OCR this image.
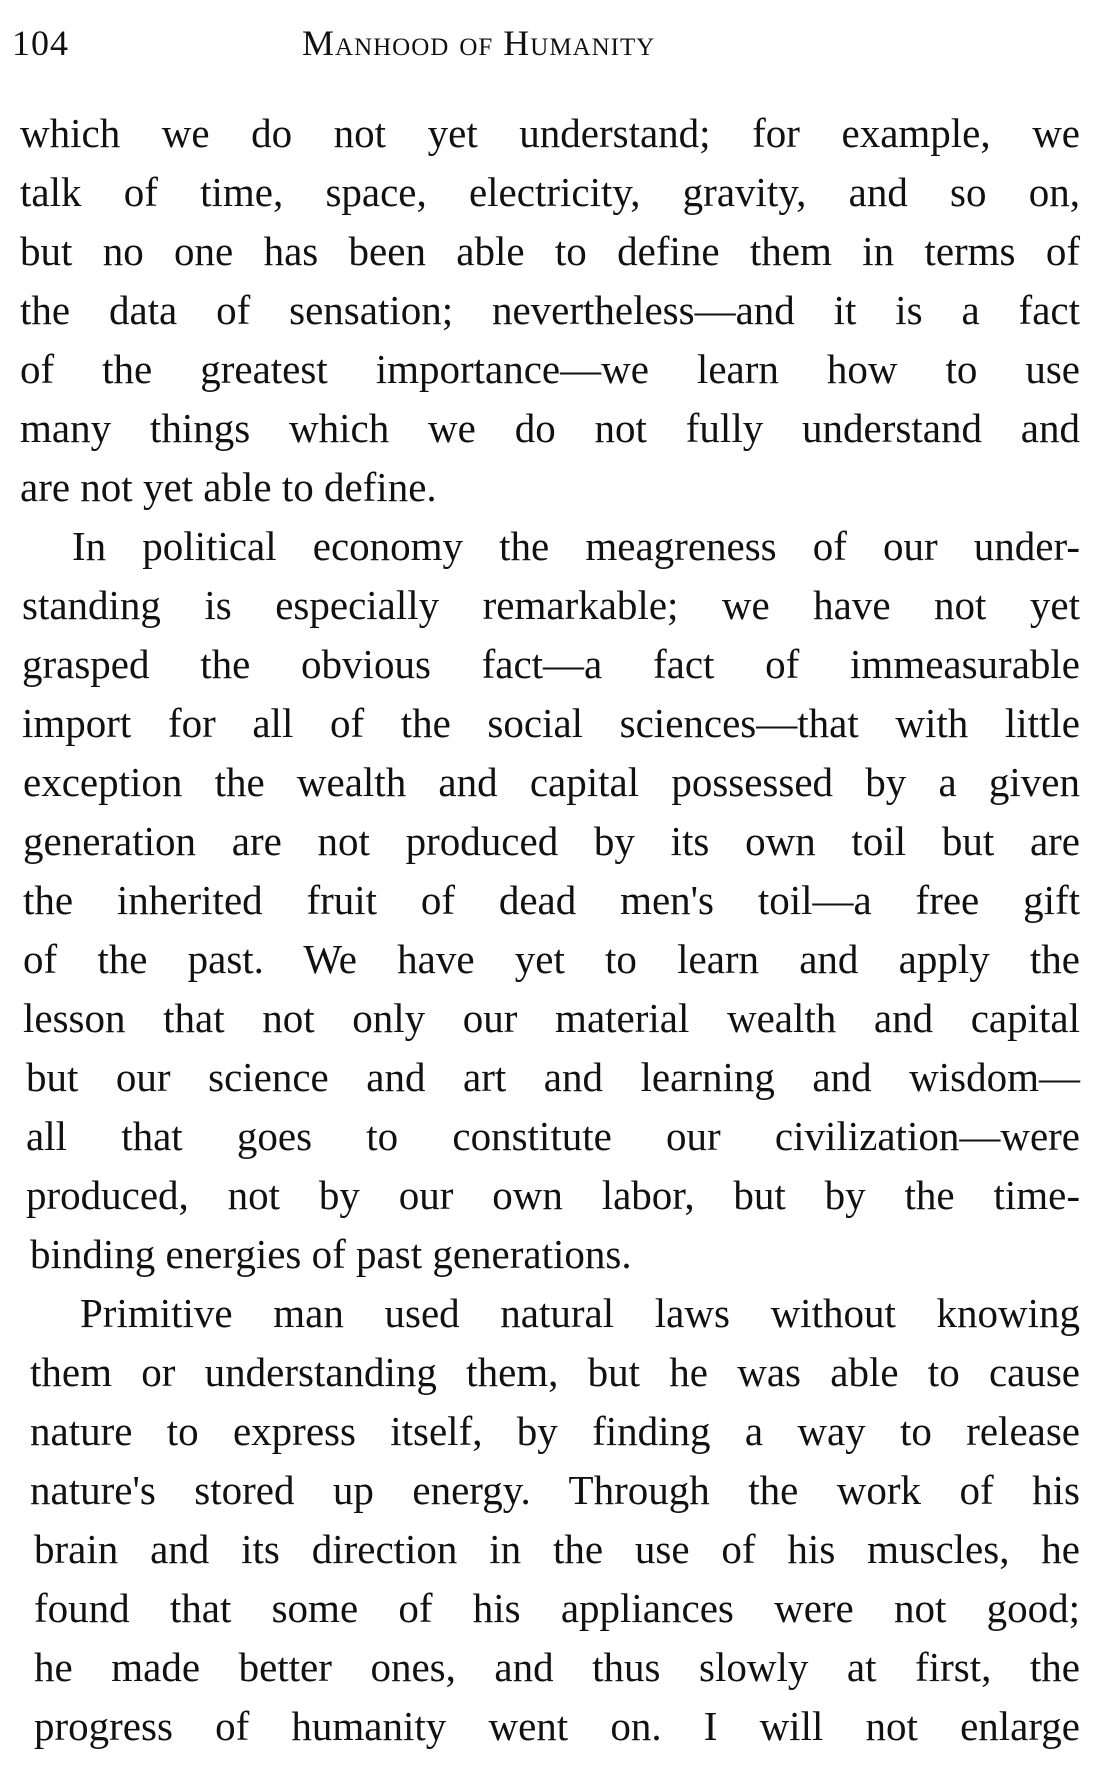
104	Manhood of Humanity
which we do not yet understand; for example, we
talk of time, space, electricity, gravity, and so on,
but no one has been able to define them in terms of
the data of sensation; nevertheless—and it is a fact
of the greatest importance—we learn how to use
many things which we do not fully understand and
are not yet able to define.
In political economy the meagreness of our under-
standing is especially remarkable; we have not yet
grasped the obvious fact—a fact of immeasurable
import for all of the social sciences—that with little
exception the wealth and capital possessed by a given
generation are not produced by its own toil but are
the inherited fruit of dead men's toil—a free gift
of the past. We have yet to learn and apply the
lesson that not only our material wealth and capital
but our science and art and learning and wisdom—
all that goes to constitute our civilization—were
produced, not by our own labor, but by the time-
binding energies of past generations.
Primitive man used natural laws without knowing
them or understanding them, but he was able to cause
nature to express itself, by finding a way to release
nature's stored up energy. Through the work of his
brain and its direction in the use of his muscles, he
found that some of his appliances were not good;
he made better ones, and thus slowly at first, the
progress of humanity went on. I will not enlarge
